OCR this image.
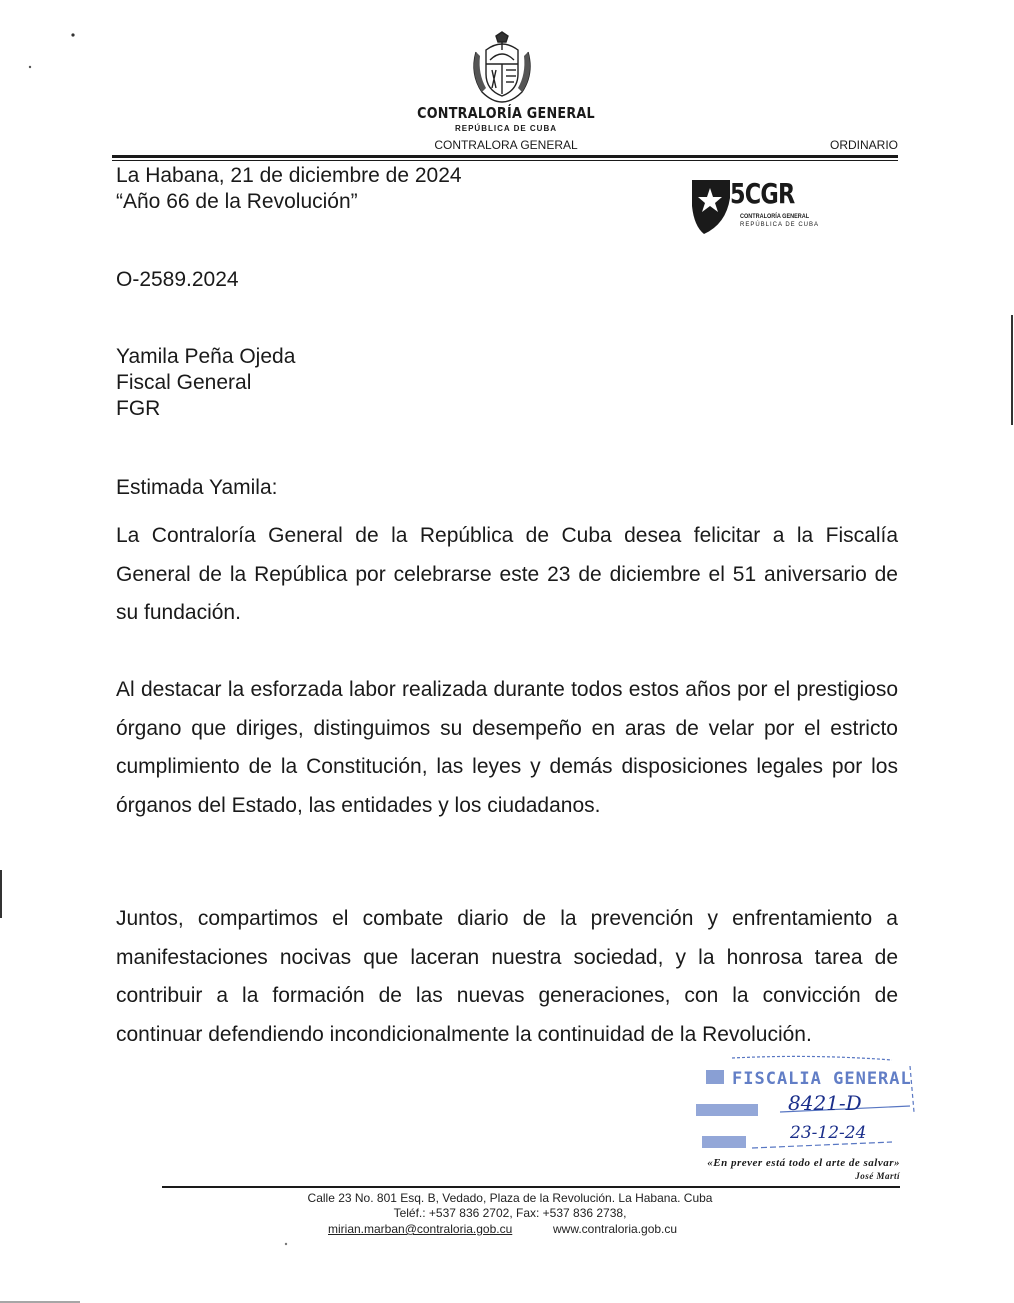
CONTRALORÍA GENERAL
REPÚBLICA DE CUBA
CONTRALORA GENERAL	ORDINARIO
La Habana, 21 de diciembre de 2024
“Año 66 de la Revolución”	5CGR
CONTRALORÍA GENERAL
REPÚBLICA DE CUBA
O-2589.2024
Yamila Peña Ojeda
Fiscal General
FGR
Estimada Yamila:

La Contraloría General de la República de Cuba desea felicitar a la Fiscalía General de la República por celebrarse este 23 de diciembre el 51 aniversario de su fundación.

Al destacar la esforzada labor realizada durante todos estos años por el prestigioso órgano que diriges, distinguimos su desempeño en aras de velar por el estricto cumplimiento de la Constitución, las leyes y demás disposiciones legales por los órganos del Estado, las entidades y los ciudadanos.

Juntos, compartimos el combate diario de la prevención y enfrentamiento a manifestaciones nocivas que laceran nuestra sociedad, y la honrosa tarea de contribuir a la formación de las nuevas generaciones, con la convicción de continuar defendiendo incondicionalmente la continuidad de la Revolución.

FISCALIA GENERAL
8421-D
23-12-24
«En prever está todo el arte de salvar»
José Martí
Calle 23 No. 801 Esq. B, Vedado, Plaza de la Revolución. La Habana. Cuba
Teléf.: +537 836 2702, Fax: +537 836 2738,
mirian.marban@contraloria.gob.cu	www.contraloria.gob.cu
